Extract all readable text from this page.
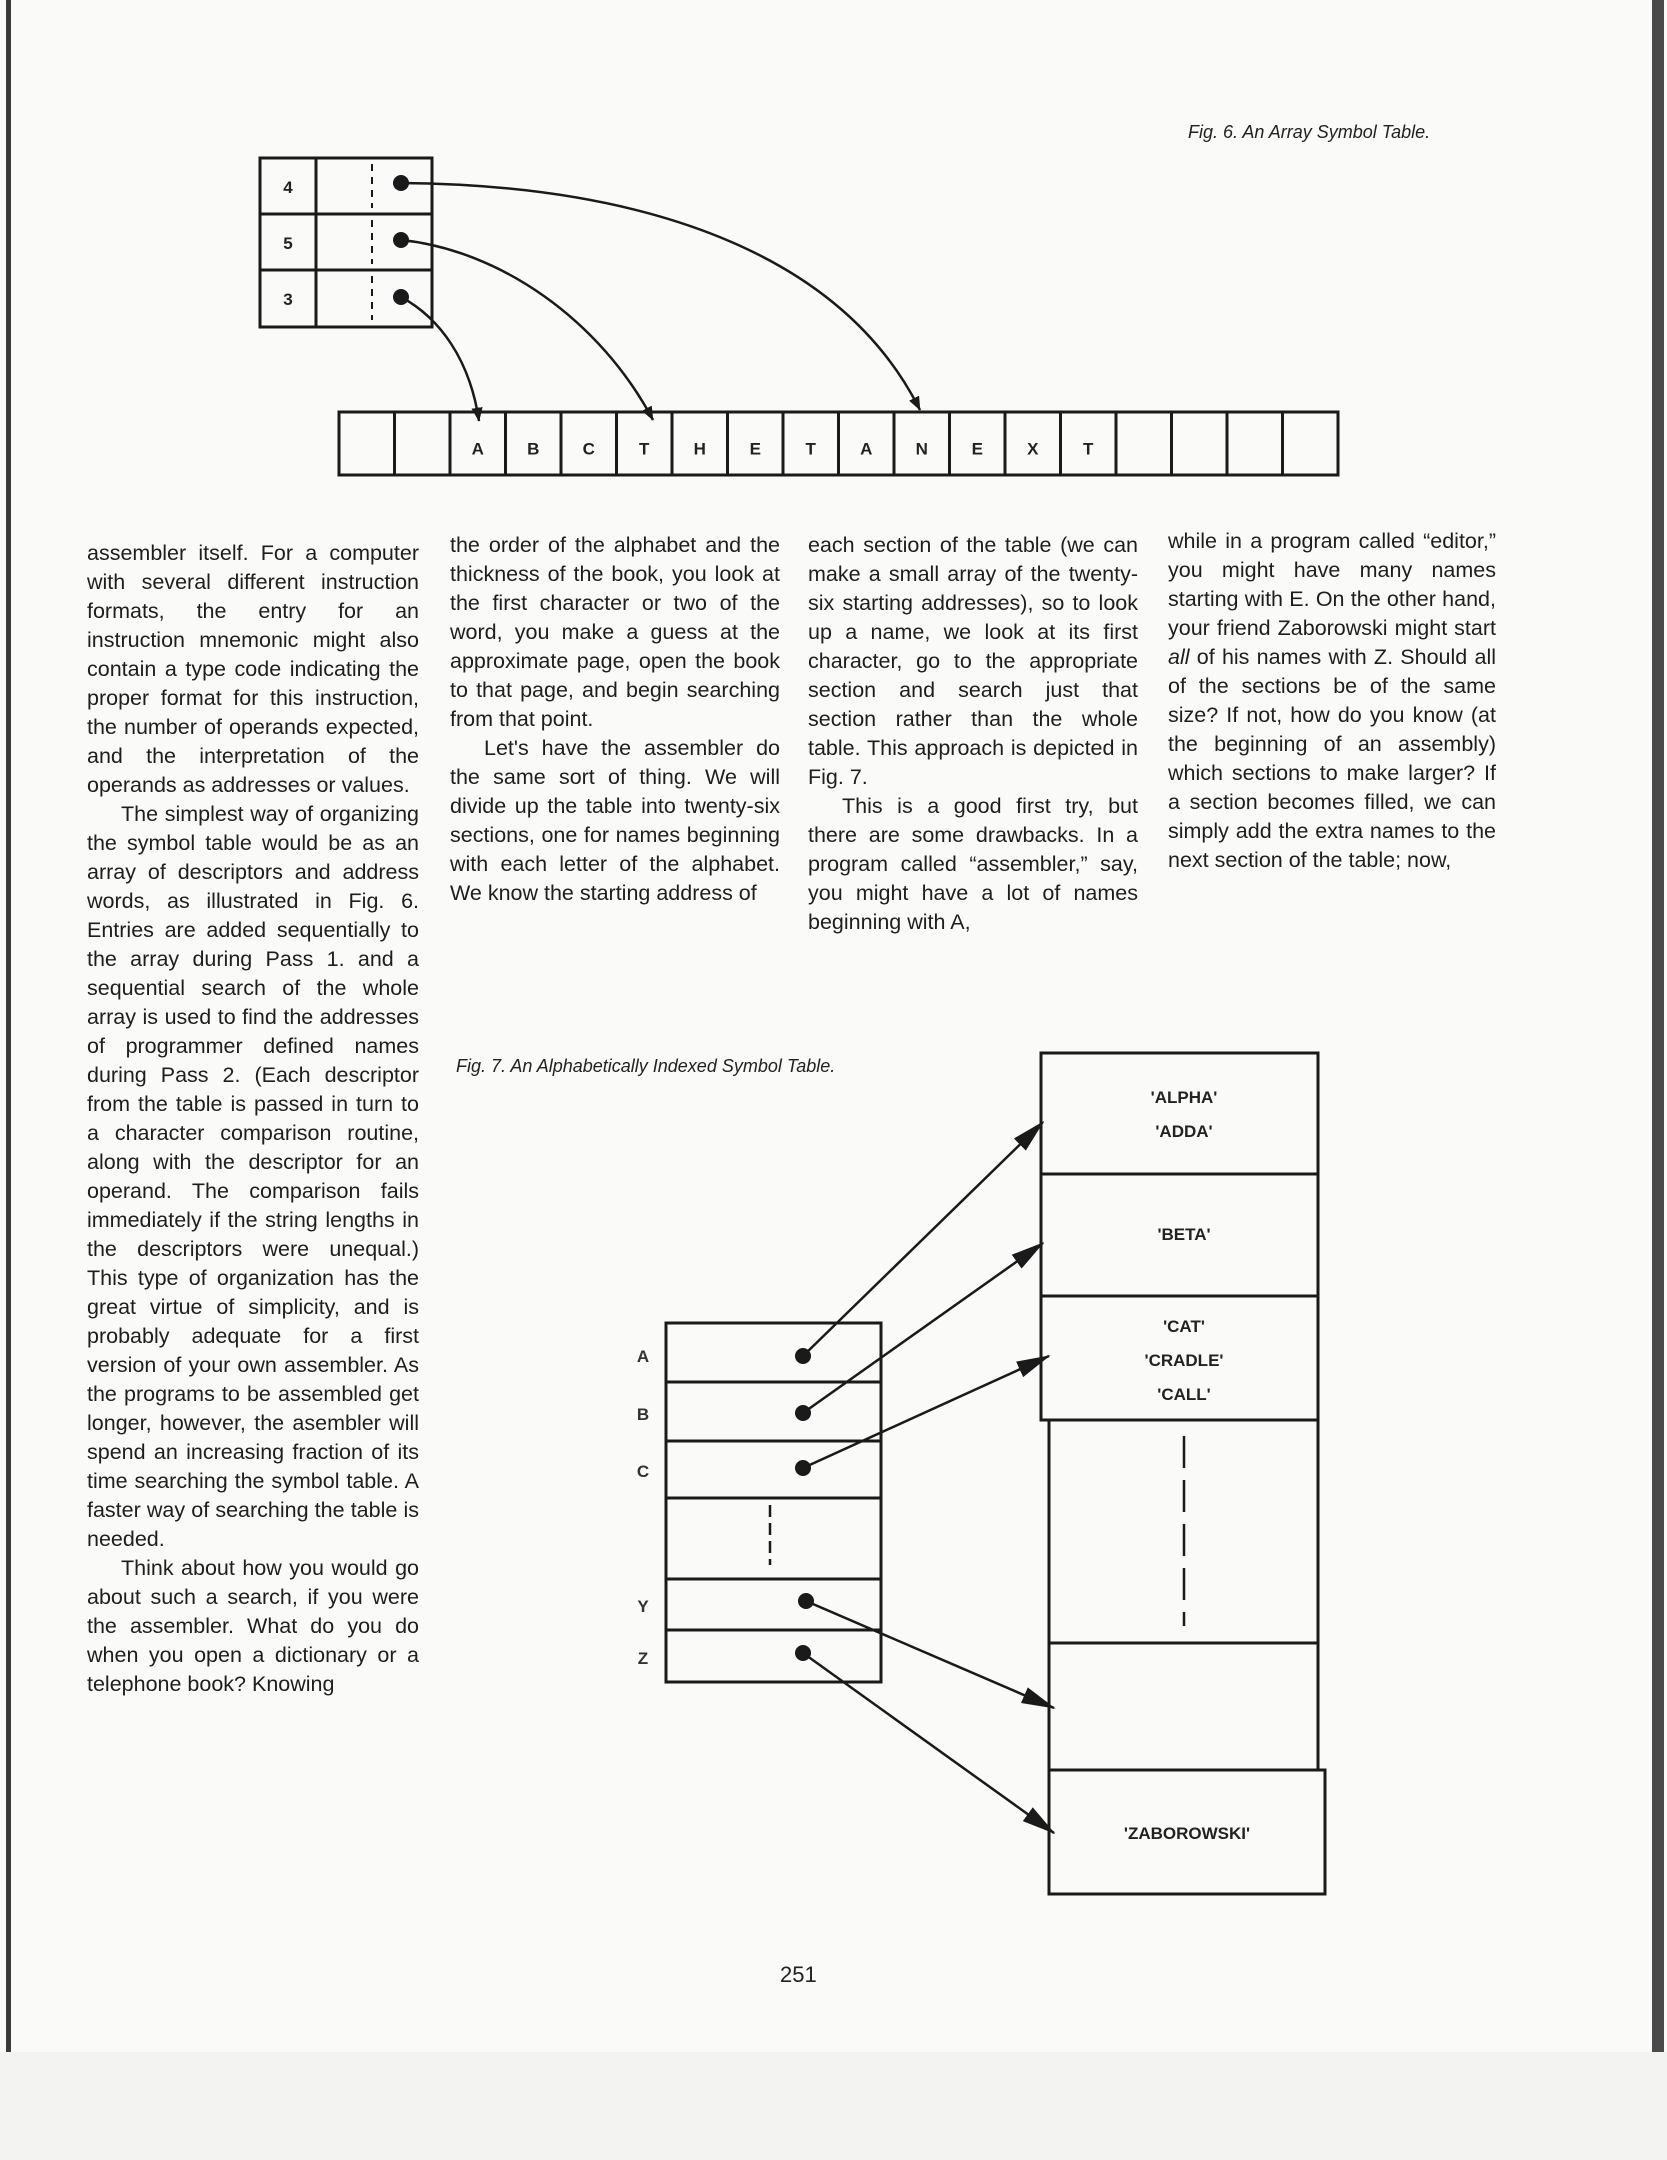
Fig. 6. An Array Symbol Table.
Fig. 7. An Alphabetically Indexed Symbol Table.
4
5
3
A	B	C	T	H	E	T	A	N	E	X	T
A
B
C
Y
Z
'ALPHA'
'ADDA'
'BETA'
'CAT'
'CRADLE'
'CALL'
'ZABOROWSKI'

assembler itself. For a computer with several different instruction formats, the entry for an instruction mnemonic might also contain a type code indicating the proper format for this instruction, the number of operands expected, and the interpretation of the operands as addresses or values.

The simplest way of organizing the symbol table would be as an array of descriptors and address words, as illustrated in Fig. 6. Entries are added sequentially to the array during Pass 1. and a sequential search of the whole array is used to find the addresses of programmer defined names during Pass 2. (Each descriptor from the table is passed in turn to a character comparison routine, along with the descriptor for an operand. The comparison fails immediately if the string lengths in the descriptors were unequal.) This type of organization has the great virtue of simplicity, and is probably adequate for a first version of your own assembler. As the programs to be assembled get longer, however, the asembler will spend an increasing fraction of its time searching the symbol table. A faster way of searching the table is needed.

Think about how you would go about such a search, if you were the assembler. What do you do when you open a dictionary or a telephone book? Knowing

the order of the alphabet and the thickness of the book, you look at the first character or two of the word, you make a guess at the approximate page, open the book to that page, and begin searching from that point.

Let's have the assembler do the same sort of thing. We will divide up the table into twenty-six sections, one for names beginning with each letter of the alphabet. We know the starting address of

each section of the table (we can make a small array of the twenty-six starting addresses), so to look up a name, we look at its first character, go to the appropriate section and search just that section rather than the whole table. This approach is depicted in Fig. 7.

This is a good first try, but there are some drawbacks. In a program called “assembler,” say, you might have a lot of names beginning with A,

while in a program called “editor,” you might have many names starting with E. On the other hand, your friend Zaborowski might start all of his names with Z. Should all of the sections be of the same size? If not, how do you know (at the beginning of an assembly) which sections to make larger? If a section becomes filled, we can simply add the extra names to the next section of the table; now,

251
